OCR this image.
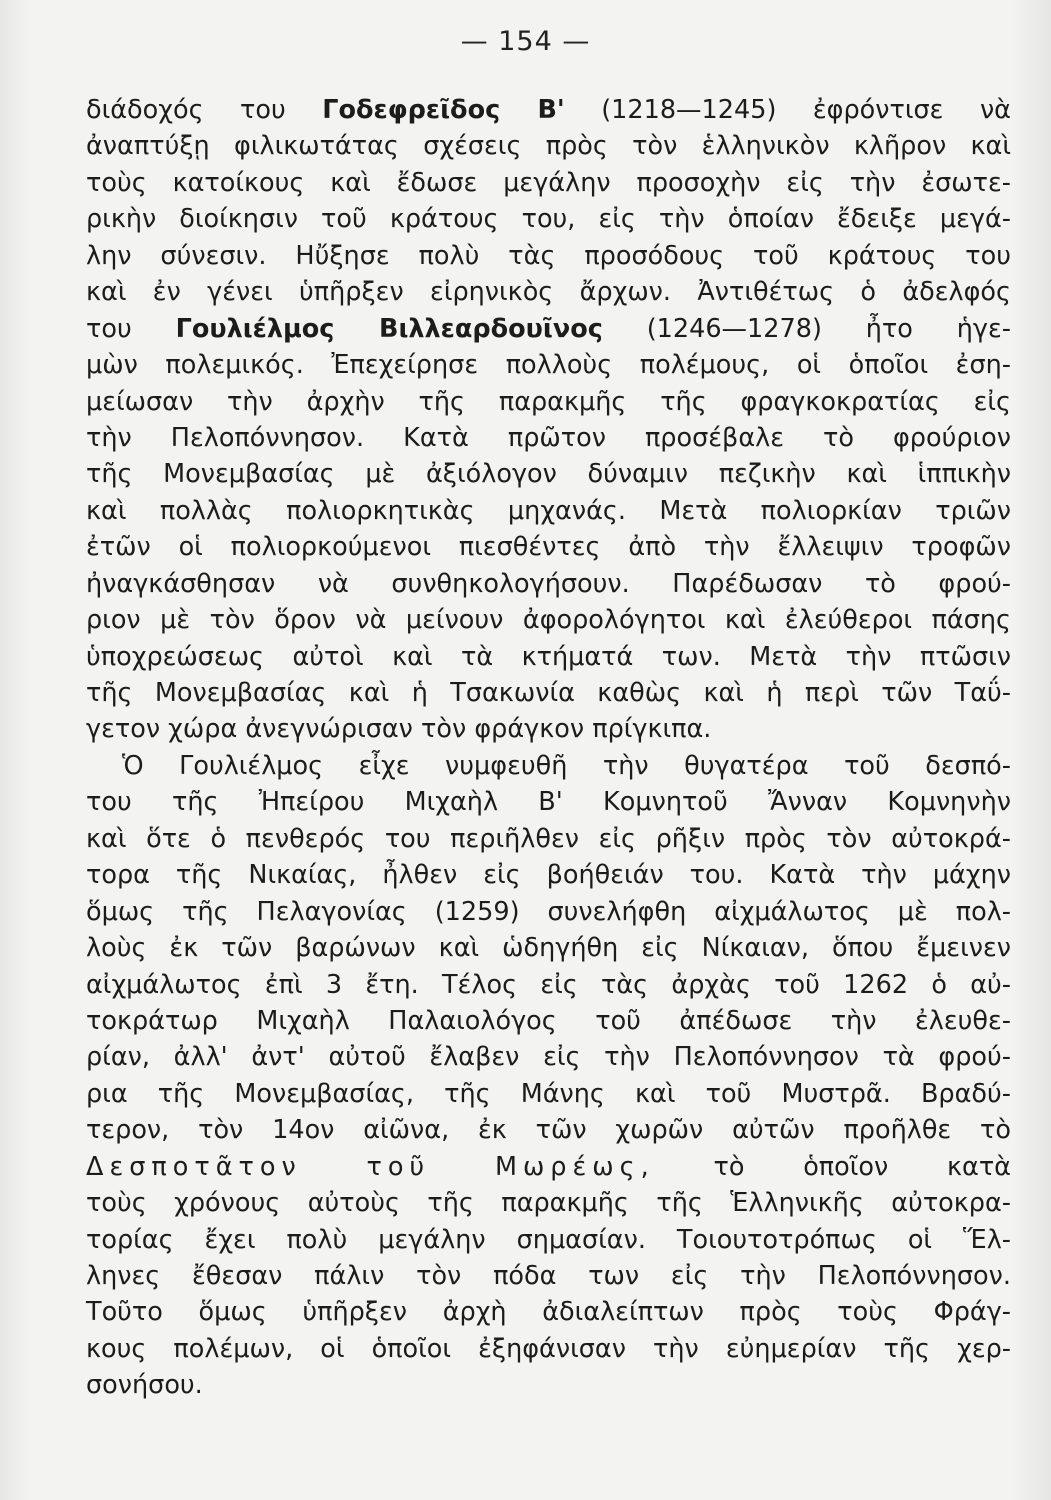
— 154 —
διάδοχός του Γοδεφρεῖδος Β' (1218—1245) ἐφρόντισε νὰ
ἀναπτύξῃ φιλικωτάτας σχέσεις πρὸς τὸν ἑλληνικὸν κλῆρον καὶ
τοὺς κατοίκους καὶ ἔδωσε μεγάλην προσοχὴν εἰς τὴν ἐσωτε-
ρικὴν διοίκησιν τοῦ κράτους του, εἰς τὴν ὁποίαν ἔδειξε μεγά-
λην σύνεσιν. Ηὔξησε πολὺ τὰς προσόδους τοῦ κράτους του
καὶ ἐν γένει ὑπῆρξεν εἰρηνικὸς ἄρχων. Ἀντιθέτως ὁ ἀδελφός
του Γουλιέλμος Βιλλεαρδουῖνος (1246—1278) ἦτο ἡγε-
μὼν πολεμικός. Ἐπεχείρησε πολλοὺς πολέμους, οἱ ὁποῖοι ἐση-
μείωσαν τὴν ἀρχὴν τῆς παρακμῆς τῆς φραγκοκρατίας εἰς
τὴν Πελοπόννησον. Κατὰ πρῶτον προσέβαλε τὸ φρούριον
τῆς Μονεμβασίας μὲ ἀξιόλογον δύναμιν πεζικὴν καὶ ἱππικὴν
καὶ πολλὰς πολιορκητικὰς μηχανάς. Μετὰ πολιορκίαν τριῶν
ἐτῶν οἱ πολιορκούμενοι πιεσθέντες ἀπὸ τὴν ἔλλειψιν τροφῶν
ἠναγκάσθησαν νὰ συνθηκολογήσουν. Παρέδωσαν τὸ φρού-
ριον μὲ τὸν ὅρον νὰ μείνουν ἀφορολόγητοι καὶ ἐλεύθεροι πάσης
ὑποχρεώσεως αὐτοὶ καὶ τὰ κτήματά των. Μετὰ τὴν πτῶσιν
τῆς Μονεμβασίας καὶ ἡ Τσακωνία καθὼς καὶ ἡ περὶ τῶν Ταΰ-
γετον χώρα ἀνεγνώρισαν τὸν φράγκον πρίγκιπα.
Ὁ Γουλιέλμος εἶχε νυμφευθῆ τὴν θυγατέρα τοῦ δεσπό-
του τῆς Ἠπείρου Μιχαὴλ Β' Κομνητοῦ Ἄνναν Κομνηνὴν
καὶ ὅτε ὁ πενθερός του περιῆλθεν εἰς ρῆξιν πρὸς τὸν αὐτοκρά-
τορα τῆς Νικαίας, ἦλθεν εἰς βοήθειάν του. Κατὰ τὴν μάχην
ὅμως τῆς Πελαγονίας (1259) συνελήφθη αἰχμάλωτος μὲ πολ-
λοὺς ἐκ τῶν βαρώνων καὶ ὡδηγήθη εἰς Νίκαιαν, ὅπου ἔμεινεν
αἰχμάλωτος ἐπὶ 3 ἔτη. Τέλος εἰς τὰς ἀρχὰς τοῦ 1262 ὁ αὐ-
τοκράτωρ Μιχαὴλ Παλαιολόγος τοῦ ἀπέδωσε τὴν ἐλευθε-
ρίαν, ἀλλ' ἀντ' αὐτοῦ ἔλαβεν εἰς τὴν Πελοπόννησον τὰ φρού-
ρια τῆς Μονεμβασίας, τῆς Μάνης καὶ τοῦ Μυστρᾶ. Βραδύ-
τερον, τὸν 14ον αἰῶνα, ἐκ τῶν χωρῶν αὐτῶν προῆλθε τὸ
Δεσποτᾶτον τοῦ Μωρέως, τὸ ὁποῖον κατὰ
τοὺς χρόνους αὐτοὺς τῆς παρακμῆς τῆς Ἑλληνικῆς αὐτοκρα-
τορίας ἔχει πολὺ μεγάλην σημασίαν. Τοιουτοτρόπως οἱ Ἕλ-
ληνες ἔθεσαν πάλιν τὸν πόδα των εἰς τὴν Πελοπόννησον.
Τοῦτο ὅμως ὑπῆρξεν ἀρχὴ ἀδιαλείπτων πρὸς τοὺς Φράγ-
κους πολέμων, οἱ ὁποῖοι ἐξηφάνισαν τὴν εὐημερίαν τῆς χερ-
σονήσου.
